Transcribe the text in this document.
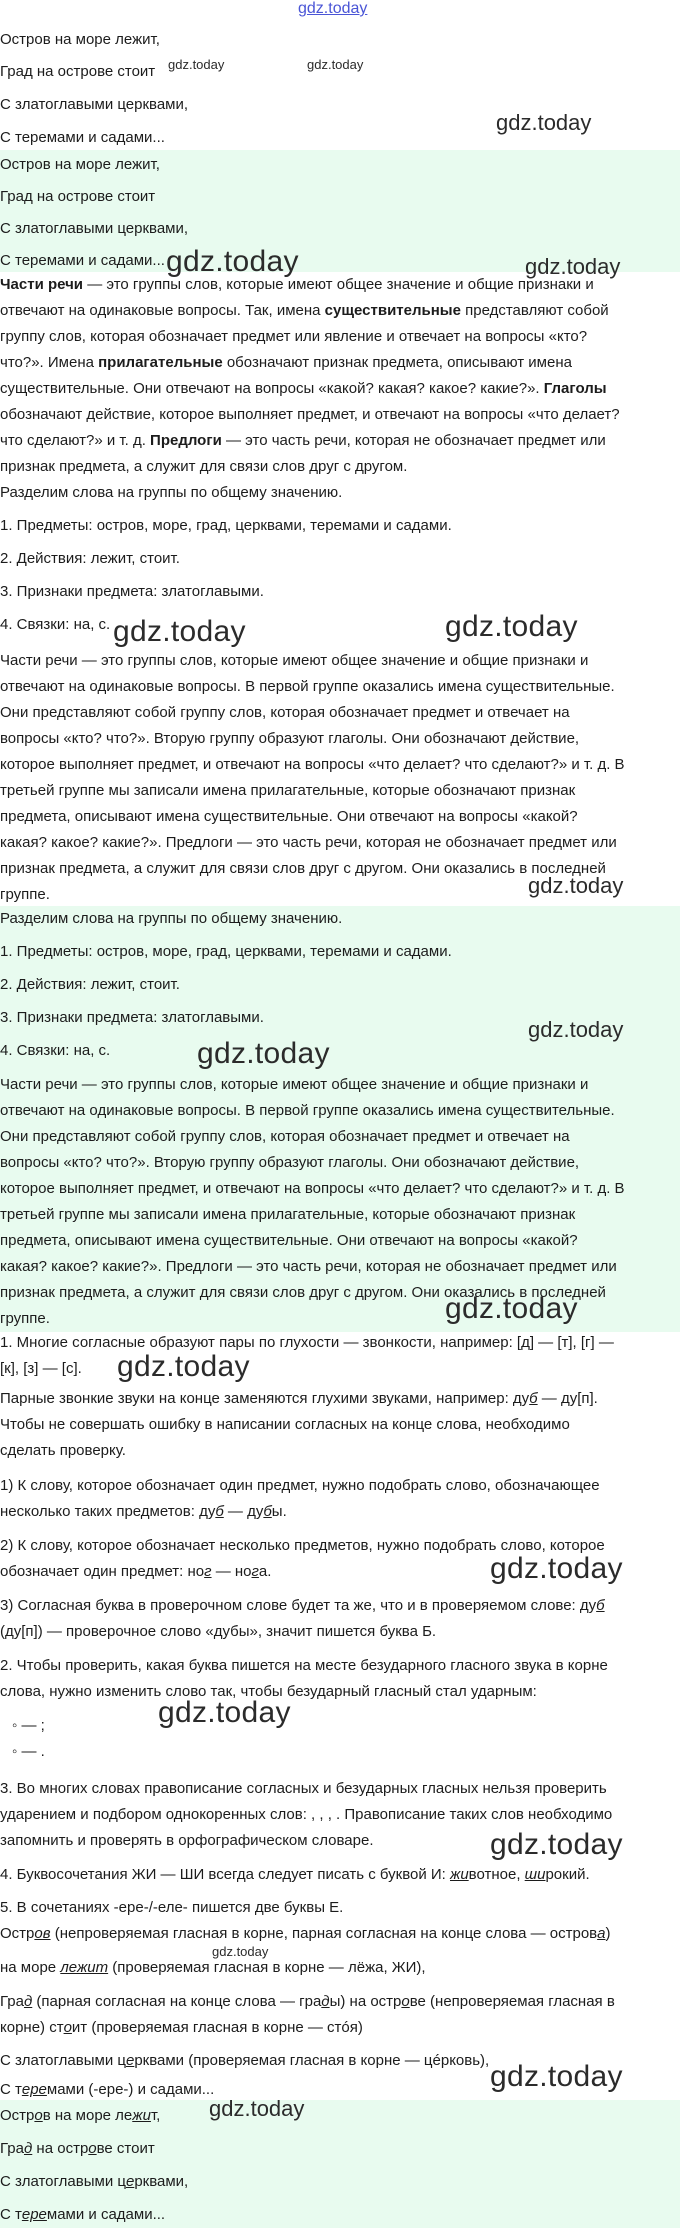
gdz.today
Остров на море лежит,
Град на острове стоит
С златоглавыми церквами,
С теремами и садами...
Остров на море лежит,
Град на острове стоит
С златоглавыми церквами,
С теремами и садами...
Части речи — это группы слов, которые имеют общее значение и общие признаки и
отвечают на одинаковые вопросы. Так, имена существительные представляют собой
группу слов, которая обозначает предмет или явление и отвечает на вопросы «кто?
что?». Имена прилагательные обозначают признак предмета, описывают имена
существительные. Они отвечают на вопросы «какой? какая? какое? какие?». Глаголы
обозначают действие, которое выполняет предмет, и отвечают на вопросы «что делает?
что сделают?» и т. д. Предлоги — это часть речи, которая не обозначает предмет или
признак предмета, а служит для связи слов друг с другом.
Разделим слова на группы по общему значению.
1. Предметы: остров, море, град, церквами, теремами и садами.
2. Действия: лежит, стоит.
3. Признаки предмета: златоглавыми.
4. Связки: на, с.
Части речи — это группы слов, которые имеют общее значение и общие признаки и
отвечают на одинаковые вопросы. В первой группе оказались имена существительные.
Они представляют собой группу слов, которая обозначает предмет и отвечает на
вопросы «кто? что?». Вторую группу образуют глаголы. Они обозначают действие,
которое выполняет предмет, и отвечают на вопросы «что делает? что сделают?» и т. д. В
третьей группе мы записали имена прилагательные, которые обозначают признак
предмета, описывают имена существительные. Они отвечают на вопросы «какой?
какая? какое? какие?». Предлоги — это часть речи, которая не обозначает предмет или
признак предмета, а служит для связи слов друг с другом. Они оказались в последней
группе.
Разделим слова на группы по общему значению.
1. Предметы: остров, море, град, церквами, теремами и садами.
2. Действия: лежит, стоит.
3. Признаки предмета: златоглавыми.
4. Связки: на, с.
Части речи — это группы слов, которые имеют общее значение и общие признаки и
отвечают на одинаковые вопросы. В первой группе оказались имена существительные.
Они представляют собой группу слов, которая обозначает предмет и отвечает на
вопросы «кто? что?». Вторую группу образуют глаголы. Они обозначают действие,
которое выполняет предмет, и отвечают на вопросы «что делает? что сделают?» и т. д. В
третьей группе мы записали имена прилагательные, которые обозначают признак
предмета, описывают имена существительные. Они отвечают на вопросы «какой?
какая? какое? какие?». Предлоги — это часть речи, которая не обозначает предмет или
признак предмета, а служит для связи слов друг с другом. Они оказались в последней
группе.
1. Многие согласные образуют пары по глухости — звонкости, например: [д] — [т], [г] —
[к], [з] — [с].
Парные звонкие звуки на конце заменяются глухими звуками, например: дуб — ду[п].
Чтобы не совершать ошибку в написании согласных на конце слова, необходимо
сделать проверку.
1) К слову, которое обозначает один предмет, нужно подобрать слово, обозначающее
несколько таких предметов: дуб — дубы.
2) К слову, которое обозначает несколько предметов, нужно подобрать слово, которое
обозначает один предмет: ног — нога.
3) Согласная буква в проверочном слове будет та же, что и в проверяемом слове: дуб
(ду[п]) — проверочное слово «дубы», значит пишется буква Б.
2. Чтобы проверить, какая буква пишется на месте безударного гласного звука в корне
слова, нужно изменить слово так, чтобы безударный гласный стал ударным:
◦ — ;
◦ — .
3. Во многих словах правописание согласных и безударных гласных нельзя проверить
ударением и подбором однокоренных слов: , , , . Правописание таких слов необходимо
запомнить и проверять в орфографическом словаре.
4. Буквосочетания ЖИ — ШИ всегда следует писать с буквой И: животное, широкий.
5. В сочетаниях -ере-/-еле- пишется две буквы Е.
Остров (непроверяемая гласная в корне, парная согласная на конце слова — острова)
на море лежит (проверяемая гласная в корне — лёжа, ЖИ),
Град (парная согласная на конце слова — грады) на острове (непроверяемая гласная в
корне) стоит (проверяемая гласная в корне — стóя)
С златоглавыми церквами (проверяемая гласная в корне — цéрковь),
С теремами (-ере-) и садами...
Остров на море лежит,
Град на острове стоит
С златоглавыми церквами,
С теремами и садами...
gdz.today	gdz.today
gdz.today
gdz.today	gdz.today
gdz.today	gdz.today
gdz.today
gdz.today
gdz.today
gdz.today
gdz.today
gdz.today
gdz.today
gdz.today
gdz.today
gdz.today
gdz.today
